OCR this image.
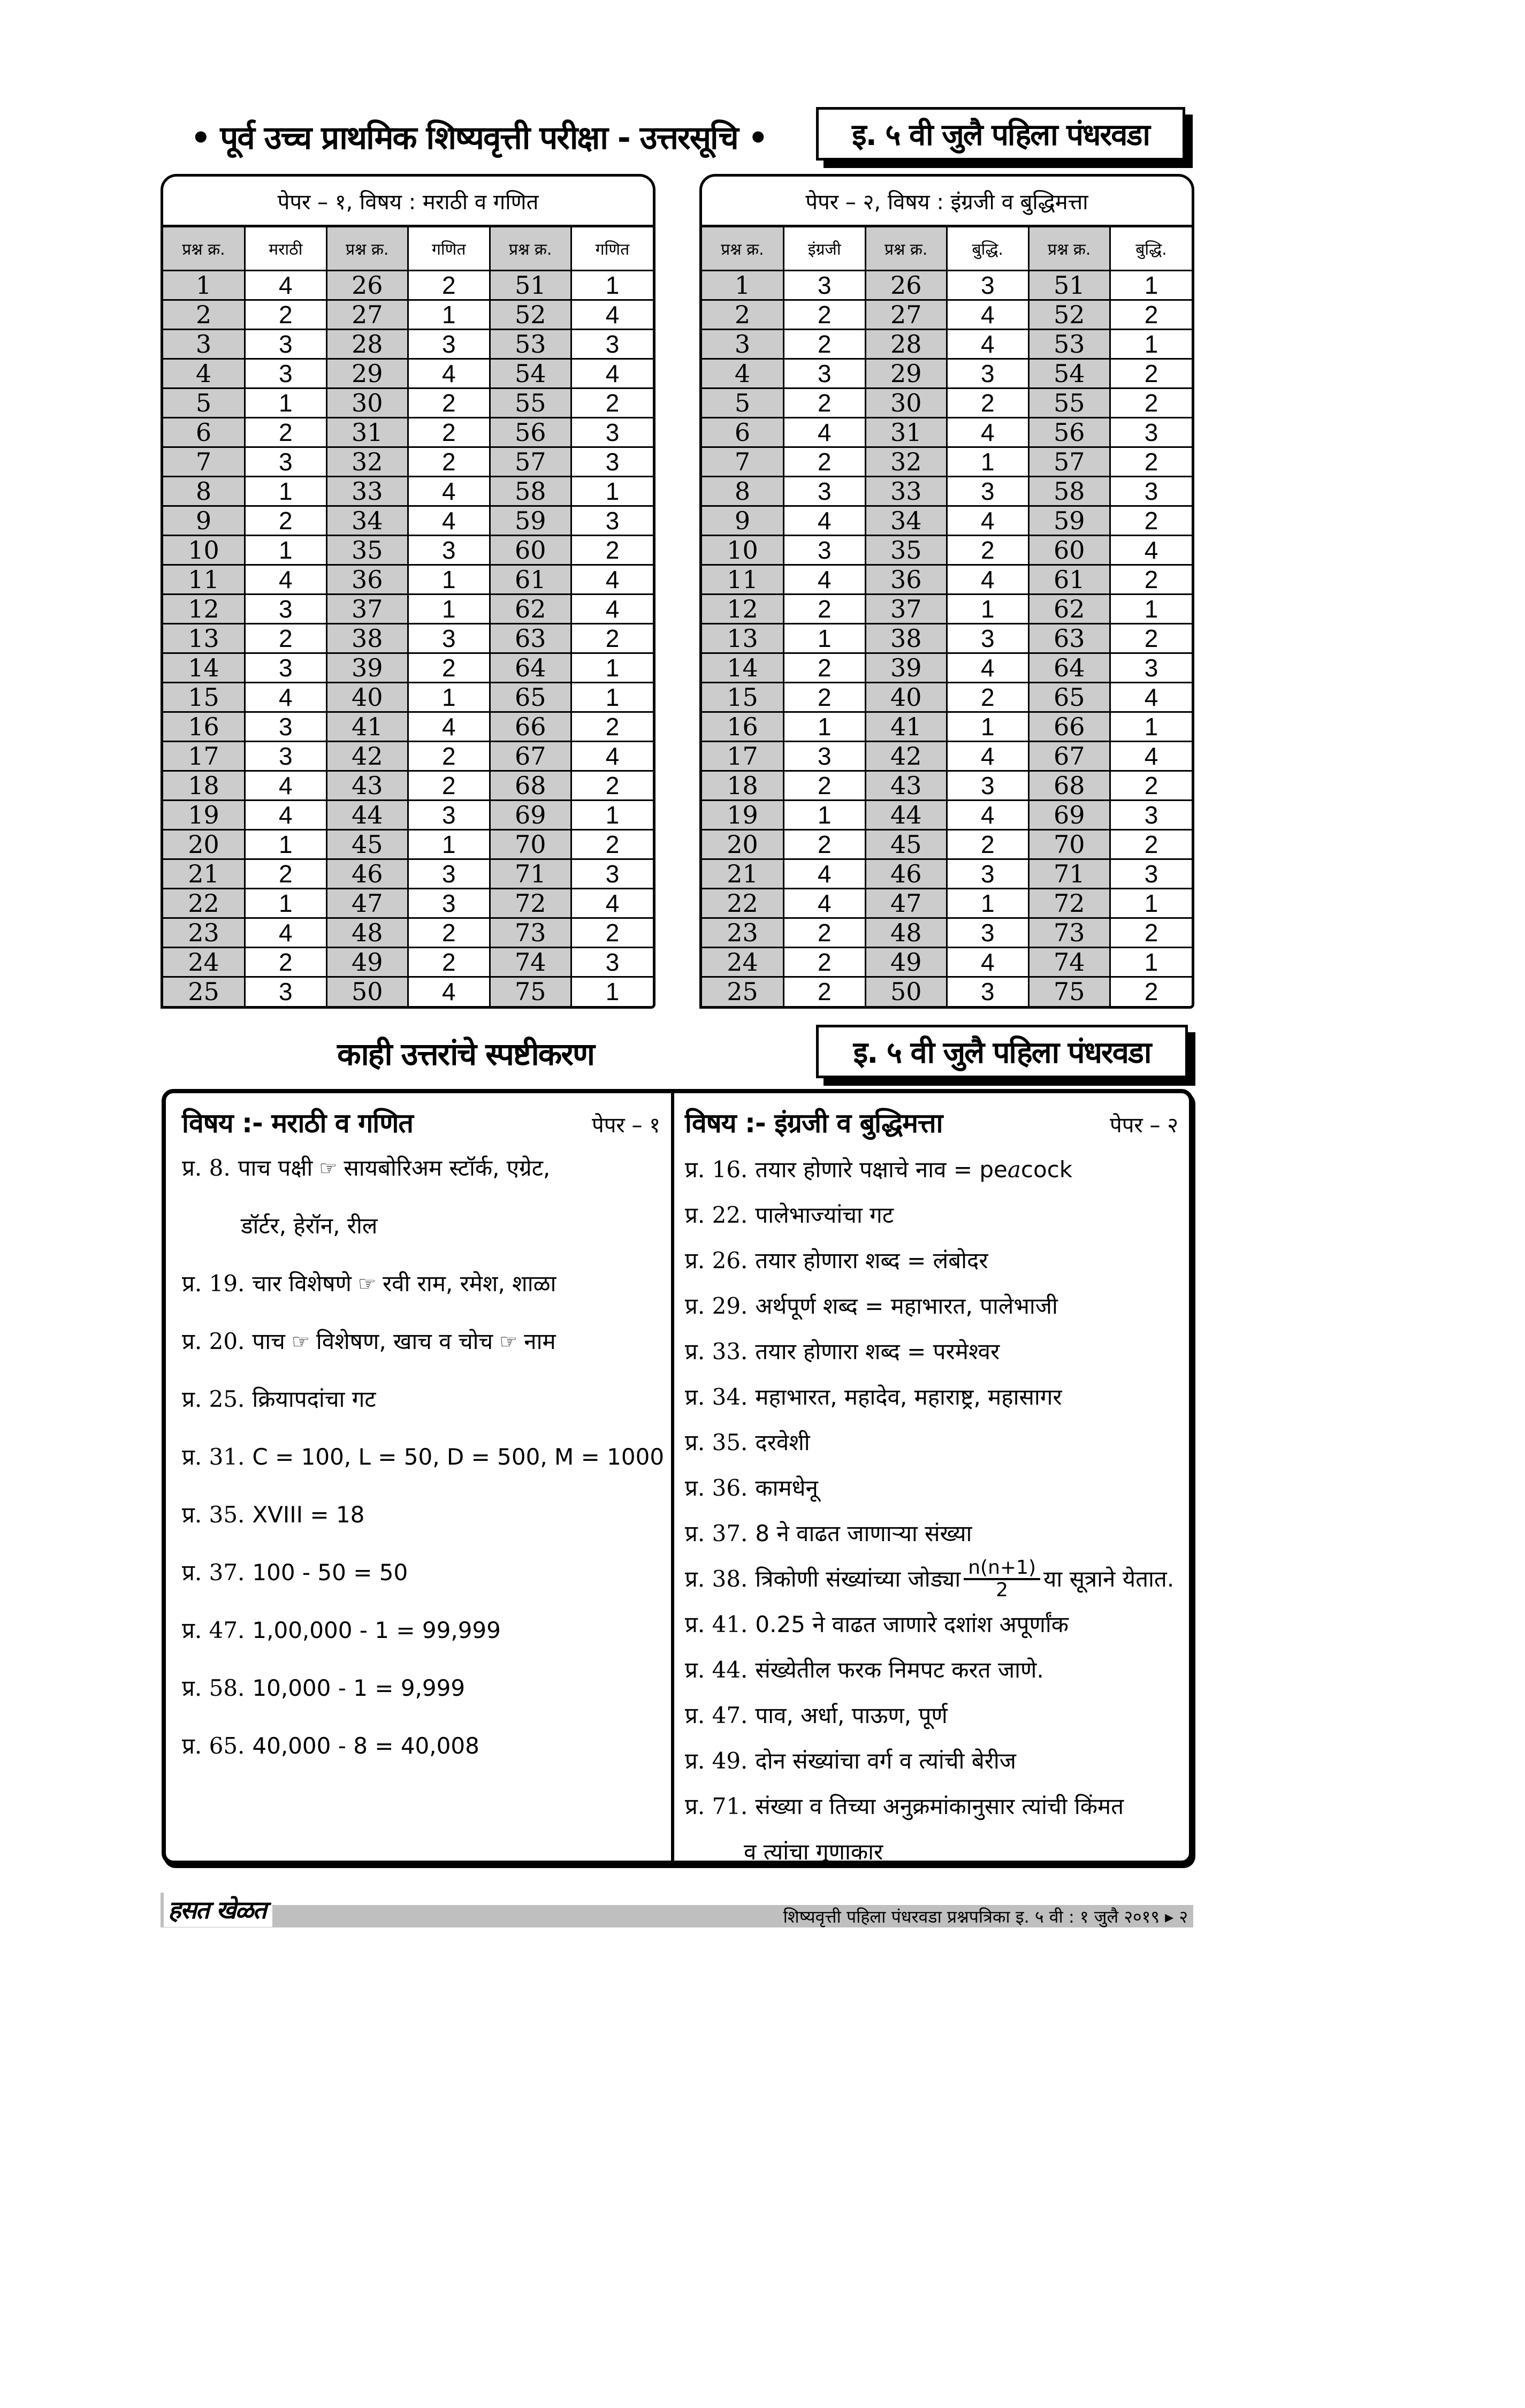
• पूर्व उच्च प्राथमिक शिष्यवृत्ती परीक्षा - उत्तरसूचि •	इ. ५ वी जुलै पहिला पंधरवडा
पेपर – १, विषय : मराठी व गणित
प्रश्न क्र.	मराठी	प्रश्न क्र.	गणित	प्रश्न क्र.	गणित
1	4	26	2	51	1
2	2	27	1	52	4
3	3	28	3	53	3
4	3	29	4	54	4
5	1	30	2	55	2
6	2	31	2	56	3
7	3	32	2	57	3
8	1	33	4	58	1
9	2	34	4	59	3
10	1	35	3	60	2
11	4	36	1	61	4
12	3	37	1	62	4
13	2	38	3	63	2
14	3	39	2	64	1
15	4	40	1	65	1
16	3	41	4	66	2
17	3	42	2	67	4
18	4	43	2	68	2
19	4	44	3	69	1
20	1	45	1	70	2
21	2	46	3	71	3
22	1	47	3	72	4
23	4	48	2	73	2
24	2	49	2	74	3
25	3	50	4	75	1
पेपर – २, विषय : इंग्रजी व बुद्धिमत्ता
प्रश्न क्र.	इंग्रजी	प्रश्न क्र.	बुद्धि.	प्रश्न क्र.	बुद्धि.
1	3	26	3	51	1
2	2	27	4	52	2
3	2	28	4	53	1
4	3	29	3	54	2
5	2	30	2	55	2
6	4	31	4	56	3
7	2	32	1	57	2
8	3	33	3	58	3
9	4	34	4	59	2
10	3	35	2	60	4
11	4	36	4	61	2
12	2	37	1	62	1
13	1	38	3	63	2
14	2	39	4	64	3
15	2	40	2	65	4
16	1	41	1	66	1
17	3	42	4	67	4
18	2	43	3	68	2
19	1	44	4	69	3
20	2	45	2	70	2
21	4	46	3	71	3
22	4	47	1	72	1
23	2	48	3	73	2
24	2	49	4	74	1
25	2	50	3	75	2
काही उत्तरांचे स्पष्टीकरण	इ. ५ वी जुलै पहिला पंधरवडा
विषय :- मराठी व गणित	पेपर – १
प्र. 8. पाच पक्षी ☞ सायबोरिअम स्टॉर्क, एग्रेट,
डॉर्टर, हेरॉन, रील
प्र. 19. चार विशेषणे ☞ रवी राम, रमेश, शाळा
प्र. 20. पाच ☞ विशेषण, खाच व चोच ☞ नाम
प्र. 25. क्रियापदांचा गट
प्र. 31. C = 100, L = 50, D = 500, M = 1000
प्र. 35. XVIII = 18
प्र. 37. 100 - 50 = 50
प्र. 47. 1,00,000 - 1 = 99,999
प्र. 58. 10,000 - 1 = 9,999
प्र. 65. 40,000 - 8 = 40,008
विषय :- इंग्रजी व बुद्धिमत्ता	पेपर – २
प्र. 16. तयार होणारे पक्षाचे नाव = pe a cock
प्र. 22. पालेभाज्यांचा गट
प्र. 26. तयार होणारा शब्द = लंबोदर
प्र. 29. अर्थपूर्ण शब्द = महाभारत, पालेभाजी
प्र. 33. तयार होणारा शब्द = परमेश्वर
प्र. 34. महाभारत, महादेव, महाराष्ट्र, महासागर
प्र. 35. दरवेशी
प्र. 36. कामधेनू
प्र. 37. 8 ने वाढत जाणाऱ्या संख्या
प्र. 38. त्रिकोणी संख्यांच्या जोड्या $\frac{n(n+1)}{2}$ या सूत्राने येतात.
प्र. 41. 0.25 ने वाढत जाणारे दशांश अपूर्णांक
प्र. 44. संख्येतील फरक निमपट करत जाणे.
प्र. 47. पाव, अर्धा, पाऊण, पूर्ण
प्र. 49. दोन संख्यांचा वर्ग व त्यांची बेरीज
प्र. 71. संख्या व तिच्या अनुक्रमांकानुसार त्यांची किंमत
व त्यांचा गुणाकार
हसत खेळत	शिष्यवृत्ती पहिला पंधरवडा प्रश्नपत्रिका इ. ५ वी : १ जुलै २०१९ ▸ २
